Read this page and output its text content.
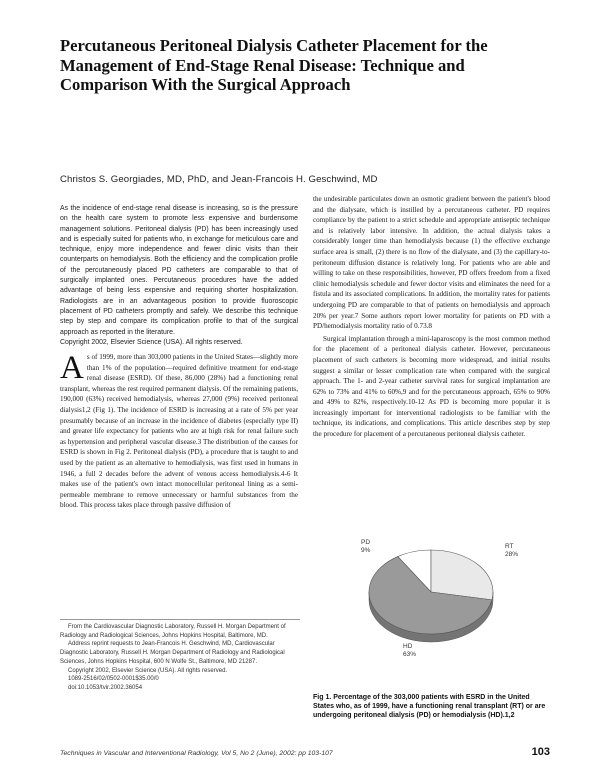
Percutaneous Peritoneal Dialysis Catheter Placement for the Management of End-Stage Renal Disease: Technique and Comparison With the Surgical Approach
Christos S. Georgiades, MD, PhD, and Jean-Francois H. Geschwind, MD
As the incidence of end-stage renal disease is increasing, so is the pressure on the health care system to promote less expensive and burdensome management solutions. Peritoneal dialysis (PD) has been increasingly used and is especially suited for patients who, in exchange for meticulous care and technique, enjoy more independence and fewer clinic visits than their counterparts on hemodialysis. Both the efficiency and the complication profile of the percutaneously placed PD catheters are comparable to that of surgically implanted ones. Percutaneous procedures have the added advantage of being less expensive and requiring shorter hospitalization. Radiologists are in an advantageous position to provide fluoroscopic placement of PD catheters promptly and safely. We describe this technique step by step and compare its complication profile to that of the surgical approach as reported in the literature.
Copyright 2002, Elsevier Science (USA). All rights reserved.
A s of 1999, more than 303,000 patients in the United States—slightly more than 1% of the population—required definitive treatment for end-stage renal disease (ESRD). Of these, 86,000 (28%) had a functioning renal transplant, whereas the rest required permanent dialysis. Of the remaining patients, 190,000 (63%) received hemodialysis, whereas 27,000 (9%) received peritoneal dialysis1,2 (Fig 1). The incidence of ESRD is increasing at a rate of 5% per year presumably because of an increase in the incidence of diabetes (especially type II) and greater life expectancy for patients who are at high risk for renal failure such as hypertension and peripheral vascular disease.3 The distribution of the causes for ESRD is shown in Fig 2. Peritoneal dialysis (PD), a procedure that is taught to and used by the patient as an alternative to hemodialysis, was first used in humans in 1946, a full 2 decades before the advent of venous access hemodialysis.4-6 It makes use of the patient's own intact monocellular peritoneal lining as a semi-permeable membrane to remove unnecessary or harmful substances from the blood. This process takes place through passive diffusion of

the undesirable particulates down an osmotic gradient between the patient's blood and the dialysate, which is instilled by a percutaneous catheter. PD requires compliance by the patient to a strict schedule and appropriate antiseptic technique and is relatively labor intensive. In addition, the actual dialysis takes a considerably longer time than hemodialysis because (1) the effective exchange surface area is small, (2) there is no flow of the dialysate, and (3) the capillary-to-peritoneum diffusion distance is relatively long. For patients who are able and willing to take on these responsibilities, however, PD offers freedom from a fixed clinic hemodialysis schedule and fewer doctor visits and eliminates the need for a fistula and its associated complications. In addition, the mortality rates for patients undergoing PD are comparable to that of patients on hemodialysis and approach 20% per year.7 Some authors report lower mortality for patients on PD with a PD/hemodialysis mortality ratio of 0.73.8

Surgical implantation through a mini-laparoscopy is the most common method for the placement of a peritoneal dialysis catheter. However, percutaneous placement of such catheters is becoming more widespread, and initial results suggest a similar or lesser complication rate when compared with the surgical approach. The 1- and 2-year catheter survival rates for surgical implantation are 62% to 73% and 41% to 60%,9 and for the percutaneous approach, 65% to 90% and 49% to 82%, respectively.10-12 As PD is becoming more popular it is increasingly important for interventional radiologists to be familiar with the technique, its indications, and complications. This article describes step by step the procedure for placement of a percutaneous peritoneal dialysis catheter.

HD
63%
RT
28%
PD
9%
Fig 1. Percentage of the 303,000 patients with ESRD in the United States who, as of 1999, have a functioning renal transplant (RT) or are undergoing peritoneal dialysis (PD) or hemodialysis (HD).1,2

From the Cardiovascular Diagnostic Laboratory, Russell H. Morgan Department of Radiology and Radiological Sciences, Johns Hopkins Hospital, Baltimore, MD.

Address reprint requests to Jean-Francois H. Geschwind, MD, Cardiovascular Diagnostic Laboratory, Russell H. Morgan Department of Radiology and Radiological Sciences, Johns Hopkins Hospital, 600 N Wolfe St., Baltimore, MD 21287.

Copyright 2002, Elsevier Science (USA). All rights reserved.

1089-2516/02/0502-0001$35.00/0

doi:10.1053/tvir.2002.36054

Techniques in Vascular and Interventional Radiology, Vol 5, No 2 (June), 2002: pp 103-107	103
